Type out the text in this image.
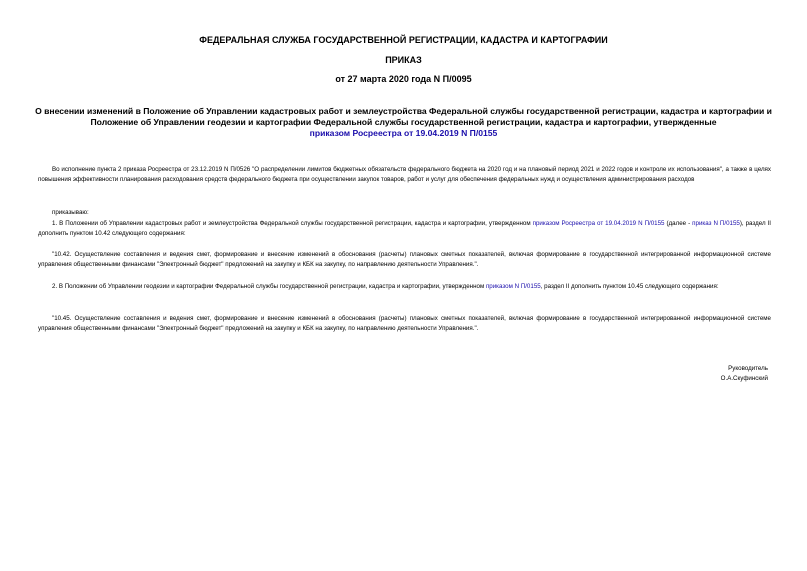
ФЕДЕРАЛЬНАЯ СЛУЖБА ГОСУДАРСТВЕННОЙ РЕГИСТРАЦИИ, КАДАСТРА И КАРТОГРАФИИ
ПРИКАЗ
от 27 марта 2020 года N П/0095
О внесении изменений в Положение об Управлении кадастровых работ и землеустройства Федеральной службы государственной регистрации, кадастра и картографии и Положение об Управлении геодезии и картографии Федеральной службы государственной регистрации, кадастра и картографии, утвержденные
приказом Росреестра от 19.04.2019 N П/0155
Во исполнение пункта 2 приказа Росреестра от 23.12.2019 N П/0526 "О распределении лимитов бюджетных обязательств федерального бюджета на 2020 год и на плановый период 2021 и 2022 годов и контроле их использования", а также в целях повышения эффективности планирования расходования средств федерального бюджета при осуществлении закупок товаров, работ и услуг для обеспечения федеральных нужд и осуществления администрирования расходов
приказываю:
1. В Положении об Управлении кадастровых работ и землеустройства Федеральной службы государственной регистрации, кадастра и картографии, утвержденном приказом Росреестра от 19.04.2019 N П/0155 (далее - приказ N П/0155), раздел II дополнить пунктом 10.42 следующего содержания:
"10.42. Осуществление составления и ведения смет, формирование и внесение изменений в обоснования (расчеты) плановых сметных показателей, включая формирование в государственной интегрированной информационной системе управления общественными финансами "Электронный бюджет" предложений на закупку и КБК на закупку, по направлению деятельности Управления.".
2. В Положении об Управлении геодезии и картографии Федеральной службы государственной регистрации, кадастра и картографии, утвержденном приказом N П/0155, раздел II дополнить пунктом 10.45 следующего содержания:
"10.45. Осуществление составления и ведения смет, формирование и внесение изменений в обоснования (расчеты) плановых сметных показателей, включая формирование в государственной интегрированной информационной системе управления общественными финансами "Электронный бюджет" предложений на закупку и КБК на закупку, по направлению деятельности Управления.".
Руководитель
О.А.Скуфинский
